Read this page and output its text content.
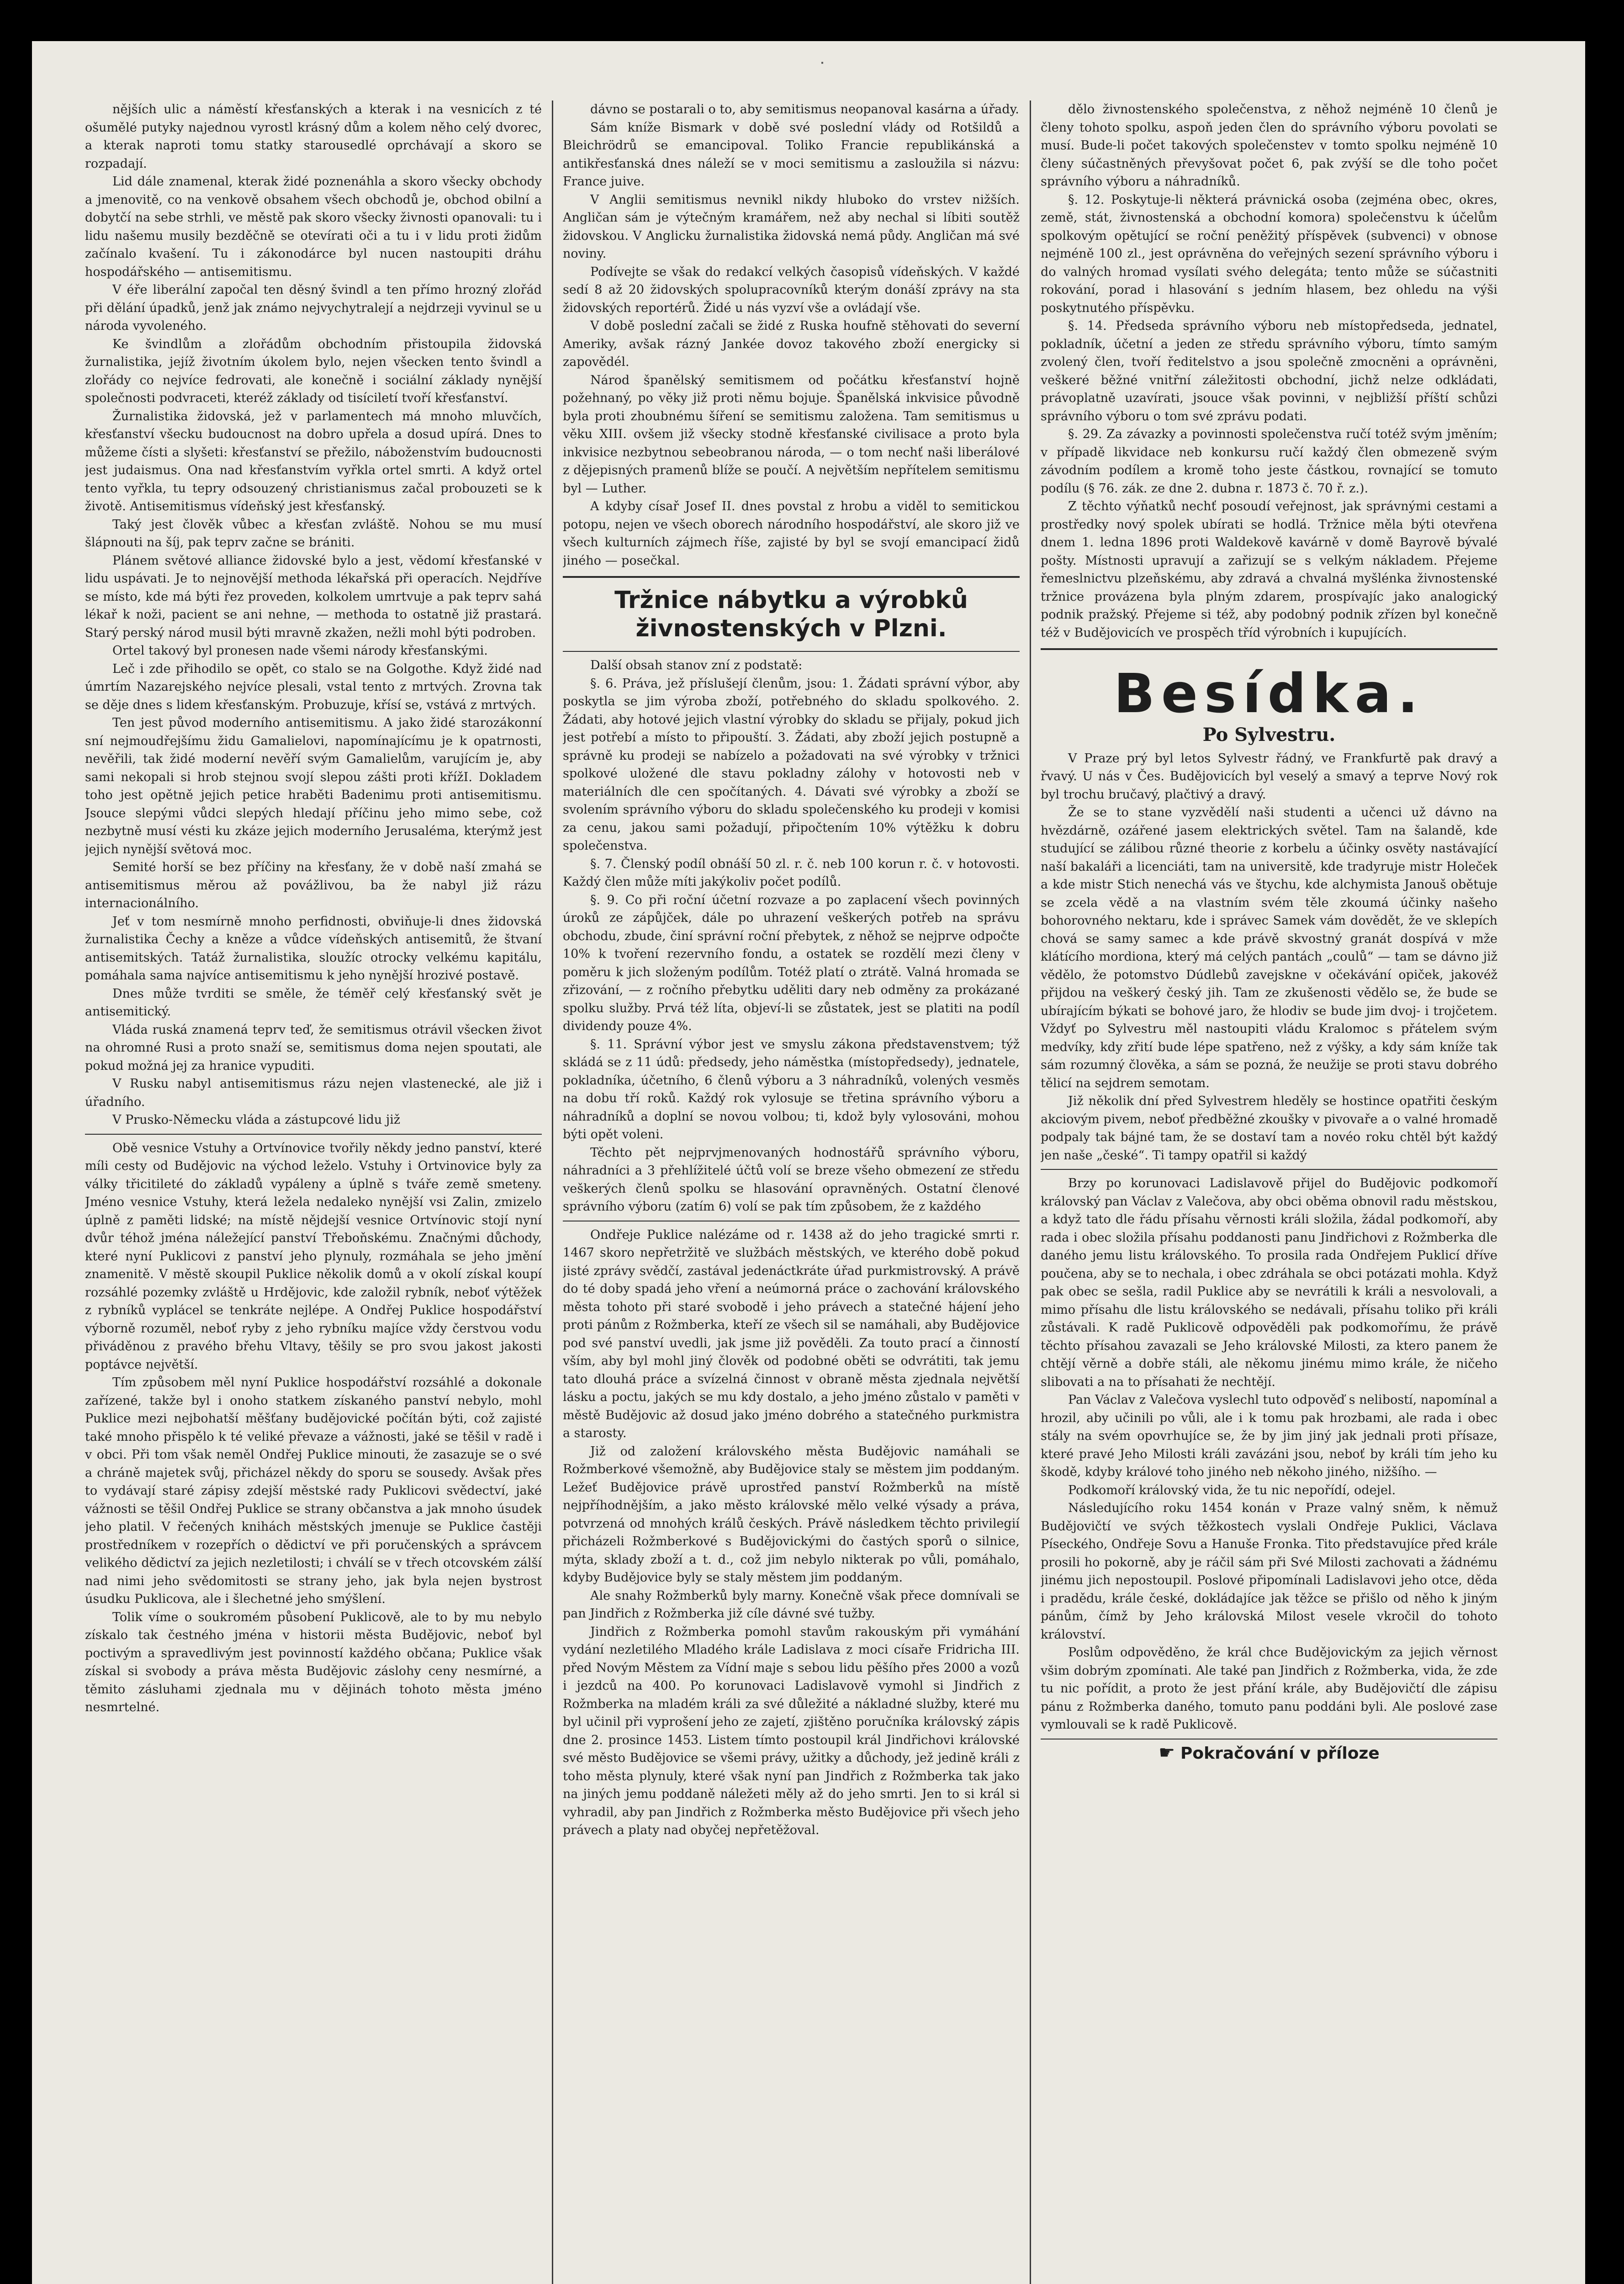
˙

nějších ulic a náměstí křesťanských a kterak i na vesnicích z té ošumělé putyky najednou vyrostl krásný dům a kolem něho celý dvorec, a kterak naproti tomu statky starousedlé oprchávají a skoro se rozpadají.

Lid dále znamenal, kterak židé poznenáhla a skoro všecky obchody a jmenovitě, co na venkově obsahem všech obchodů je, obchod obilní a dobytčí na sebe strhli, ve městě pak skoro všecky živnosti opanovali: tu i lidu našemu musily bezděčně se otevírati oči a tu i v lidu proti židům začínalo kvašení. Tu i zákonodárce byl nucen nastoupiti dráhu hospodářského — antisemitismu.

V éře liberální započal ten děsný švindl a ten přímo hrozný zlořád při dělání úpadků, jenž jak známo nejvychytralejí a nejdrzeji vyvinul se u národa vyvoleného.

Ke švindlům a zlořádům obchodním přistoupila židovská žurnalistika, jejíž životním úkolem bylo, nejen všecken tento švindl a zlořády co nejvíce fedrovati, ale konečně i sociální základy nynější společnosti podvraceti, kteréž základy od tisíciletí tvoří křesťanství.

Žurnalistika židovská, jež v parlamentech má mnoho mluvčích, křesťanství všecku budoucnost na dobro upřela a dosud upírá. Dnes to můžeme čísti a slyšeti: křesťanství se přežilo, náboženstvím budoucnosti jest judaismus. Ona nad křesťanstvím vyřkla ortel smrti. A když ortel tento vyřkla, tu tepry odsouzený christianismus začal probouzeti se k životě. Antisemitismus vídeňský jest křesťanský.

Taký jest člověk vůbec a křesťan zvláště. Nohou se mu musí šlápnouti na šíj, pak teprv začne se brániti.

Plánem světové alliance židovské bylo a jest, vědomí křesťanské v lidu uspávati. Je to nejnovější methoda lékařská při operacích. Nejdříve se místo, kde má býti řez proveden, kolkolem umrtvuje a pak teprv sahá lékař k noži, pacient se ani nehne, — methoda to ostatně již prastará. Starý perský národ musil býti mravně zkažen, nežli mohl býti podroben.

Ortel takový byl pronesen nade všemi národy křesťanskými.

Leč i zde přihodilo se opět, co stalo se na Golgothe. Když židé nad úmrtím Nazarejského nejvíce plesali, vstal tento z mrtvých. Zrovna tak se děje dnes s lidem křesťanským. Probuzuje, křísí se, vstává z mrtvých.

Ten jest původ moderního antisemitismu. A jako židé starozákonní sní nejmoudřejšímu židu Gamalielovi, napomínajícímu je k opatrnosti, nevěřili, tak židé moderní nevěří svým Gamalielům, varujícím je, aby sami nekopali si hrob stejnou svojí slepou zášti proti křížI. Dokladem toho jest opětně jejich petice hraběti Badenimu proti antisemitismu. Jsouce slepými vůdci slepých hledají příčinu jeho mimo sebe, což nezbytně musí vésti ku zkáze jejich moderního Jerusaléma, kterýmž jest jejich nynější světová moc.

Semité horší se bez příčiny na křesťany, že v době naší zmahá se antisemitismus měrou až povážlivou, ba že nabyl již rázu internacionálního.

Jeť v tom nesmírně mnoho perfidnosti, obviňuje-li dnes židovská žurnalistika Čechy a kněze a vůdce vídeňských antisemitů, že štvaní antisemitských. Tatáž žurnalistika, sloužíc otrocky velkému kapitálu, pomáhala sama najvíce antisemitismu k jeho nynější hrozivé postavě.

Dnes může tvrditi se směle, že téměř celý křesťanský svět je antisemitický.

Vláda ruská znamená teprv teď, že semitismus otrávil všecken život na ohromné Rusi a proto snaží se, semitismus doma nejen spoutati, ale pokud možná jej za hranice vypuditi.

V Rusku nabyl antisemitismus rázu nejen vlastenecké, ale již i úřadního.

V Prusko-Německu vláda a zástupcové lidu již

Obě vesnice Vstuhy a Ortvínovice tvořily někdy jedno panství, které míli cesty od Budějovic na východ leželo. Vstuhy i Ortvinovice byly za války třicitileté do základů vypáleny a úplně s tváře země smeteny. Jméno vesnice Vstuhy, která ležela nedaleko nynější vsi Zalin, zmizelo úplně z paměti lidské; na místě nějdejší vesnice Ortvínovic stojí nyní dvůr téhož jména náležející panství Třeboňskému. Značnými důchody, které nyní Puklicovi z panství jeho plynuly, rozmáhala se jeho jmění znamenitě. V městě skoupil Puklice několik domů a v okolí získal koupí rozsáhlé pozemky zvláště u Hrdějovic, kde založil rybník, neboť výtěžek z rybníků vyplácel se tenkráte nejlépe. A Ondřej Puklice hospodářství výborně rozuměl, neboť ryby z jeho rybníku majíce vždy čerstvou vodu přiváděnou z pravého břehu Vltavy, těšily se pro svou jakost jakosti poptávce největší.

Tím způsobem měl nyní Puklice hospodářství rozsáhlé a dokonale zařízené, takže byl i onoho statkem získaného panství nebylo, mohl Puklice mezi nejbohatší měšťany budějovické počítán býti, což zajisté také mnoho přispělo k té veliké převaze a vážnosti, jaké se těšil v radě i v obci. Při tom však neměl Ondřej Puklice minouti, že zasazuje se o své a chráně majetek svůj, přicházel někdy do sporu se sousedy. Avšak přes to vydávají staré zápisy zdejší městské rady Puklicovi svědectví, jaké vážnosti se těšil Ondřej Puklice se strany občanstva a jak mnoho úsudek jeho platil. V řečených knihách městských jmenuje se Puklice častěji prostředníkem v rozepřích o dědictví ve při poručenských a správcem velikého dědictví za jejich nezletilosti; i chválí se v třech otcovském zálší nad nimi jeho svědomitosti se strany jeho, jak byla nejen bystrost úsudku Puklicova, ale i šlechetné jeho smýšlení.

Tolik víme o soukromém působení Puklicově, ale to by mu nebylo získalo tak čestného jména v historii města Budějovic, neboť byl poctivým a spravedlivým jest povinností každého občana; Puklice však získal si svobody a práva města Budějovic záslohy ceny nesmírné, a těmito zásluhami zjednala mu v dějinách tohoto města jméno nesmrtelné.

dávno se postarali o to, aby semitismus neopanoval kasárna a úřady.

Sám kníže Bismark v době své poslední vlády od Rotšildů a Bleichrödrů se emancipoval. Toliko Francie republikánská a antikřesťanská dnes náleží se v moci semitismu a zasloužila si názvu: France juive.

V Anglii semitismus nevnikl nikdy hluboko do vrstev nižších. Angličan sám je výtečným kramářem, než aby nechal si líbiti soutěž židovskou. V Anglicku žurnalistika židovská nemá půdy. Angličan má své noviny.

Podívejte se však do redakcí velkých časopisů vídeňských. V každé sedí 8 až 20 židovských spolupracovníků kterým donáší zprávy na sta židovských reportérů. Židé u nás vyzví vše a ovládají vše.

V době poslední začali se židé z Ruska houfně stěhovati do severní Ameriky, avšak rázný Jankée dovoz takového zboží energicky si zapovědél.

Národ španělský semitismem od počátku křesťanství hojně požehnaný, po věky již proti němu bojuje. Španělská inkvisice původně byla proti zhoubnému šíření se semitismu založena. Tam semitismus u věku XIII. ovšem již všecky stodně křesťanské civilisace a proto byla inkvisice nezbytnou sebeobranou národa, — o tom nechť naši liberálové z dějepisných pramenů blíže se poučí. A největším nepřítelem semitismu byl — Luther.

A kdyby císař Josef II. dnes povstal z hrobu a viděl to semitickou potopu, nejen ve všech oborech národního hospodářství, ale skoro již ve všech kulturních zájmech říše, zajisté by byl se svojí emancipací židů jiného — posečkal.

Tržnice nábytku a výrobků živnostenských v Plzni.

Další obsah stanov zní z podstatě:

§. 6. Práva, jež příslušejí členům, jsou: 1. Žádati správní výbor, aby poskytla se jim výroba zboží, potřebného do skladu spolkového. 2. Žádati, aby hotové jejich vlastní výrobky do skladu se přijaly, pokud jich jest potřebí a místo to připouští. 3. Žádati, aby zboží jejich postupně a správně ku prodeji se nabízelo a požadovati na své výrobky v tržnici spolkové uložené dle stavu pokladny zálohy v hotovosti neb v materiálních dle cen spočítaných. 4. Dávati své výrobky a zboží se svolením správního výboru do skladu společenského ku prodeji v komisi za cenu, jakou sami požadují, připočtením 10% výtěžku k dobru společenstva.

§. 7. Členský podíl obnáší 50 zl. r. č. neb 100 korun r. č. v hotovosti. Každý člen může míti jakýkoliv počet podílů.

§. 9. Co při roční účetní rozvaze a po zaplacení všech povinných úroků ze zápůjček, dále po uhrazení veškerých potřeb na správu obchodu, zbude, činí správní roční přebytek, z něhož se nejprve odpočte 10% k tvoření rezervního fondu, a ostatek se rozdělí mezi členy v poměru k jich složeným podílům. Totéž platí o ztrátě. Valná hromada se zřizování, — z ročního přebytku uděliti dary neb odměny za prokázané spolku služby. Prvá též líta, objeví-li se zůstatek, jest se platiti na podíl dividendy pouze 4%.

§. 11. Správní výbor jest ve smyslu zákona představenstvem; týž skládá se z 11 údů: předsedy, jeho náměstka (místopředsedy), jednatele, pokladníka, účetního, 6 členů výboru a 3 náhradníků, volených vesměs na dobu tří roků. Každý rok vylosuje se třetina správního výboru a náhradníků a doplní se novou volbou; ti, kdož byly vylosováni, mohou býti opět voleni.

Těchto pět nejprvjmenovaných hodnostářů správního výboru, náhradníci a 3 přehlížitelé účtů volí se breze všeho obmezení ze středu veškerých členů spolku se hlasování opravněných. Ostatní členové správního výboru (zatím 6) volí se pak tím způsobem, že z každého

Ondřeje Puklice nalézáme od r. 1438 až do jeho tragické smrti r. 1467 skoro nepřetržitě ve službách městských, ve kterého době pokud jisté zprávy svědčí, zastával jedenáctkráte úřad purkmistrovský. A právě do té doby spadá jeho vření a neúmorná práce o zachování královského města tohoto při staré svobodě i jeho právech a statečné hájení jeho proti pánům z Rožmberka, kteří ze všech sil se namáhali, aby Budějovice pod své panství uvedli, jak jsme již pověděli. Za touto prací a činností vším, aby byl mohl jiný člověk od podobné oběti se odvrátiti, tak jemu tato dlouhá práce a svízelná činnost v obraně města zjednala největší lásku a poctu, jakých se mu kdy dostalo, a jeho jméno zůstalo v paměti v městě Budějovic až dosud jako jméno dobrého a statečného purkmistra a starosty.

Již od založení královského města Budějovic namáhali se Rožmberkové všemožně, aby Budějovice staly se městem jim poddaným. Ležeť Budějovice právě uprostřed panství Rožmberků na místě nejpříhodnějším, a jako město královské mělo velké výsady a práva, potvrzená od mnohých králů českých. Právě následkem těchto privilegií přicházeli Rožmberkové s Budějovickými do častých sporů o silnice, mýta, sklady zboží a t. d., což jim nebylo nikterak po vůli, pomáhalo, kdyby Budějovice byly se staly městem jim poddaným.

Ale snahy Rožmberků byly marny. Konečně však přece domnívali se pan Jindřich z Rožmberka již cíle dávné své tužby.

Jindřich z Rožmberka pomohl stavům rakouským při vymáhání vydání nezletilého Mladého krále Ladislava z moci císaře Fridricha III. před Novým Městem za Vídní maje s sebou lidu pěšího přes 2000 a vozů i jezdců na 400. Po korunovaci Ladislavově vymohl si Jindřich z Rožmberka na mladém králi za své důležité a nákladné služby, které mu byl učinil při vyprošení jeho ze zajetí, zjištěno poručníka královský zápis dne 2. prosince 1453. Listem tímto postoupil král Jindřichovi královské své město Budějovice se všemi právy, užitky a důchody, jež jedině králi z toho města plynuly, které však nyní pan Jindřich z Rožmberka tak jako na jiných jemu poddaně náležeti měly až do jeho smrti. Jen to si král si vyhradil, aby pan Jindřich z Rožmberka město Budějovice při všech jeho právech a platy nad obyčej nepřetěžoval.

dělo živnostenského společenstva, z něhož nejméně 10 členů je členy tohoto spolku, aspoň jeden člen do správního výboru povolati se musí. Bude-li počet takových společenstev v tomto spolku nejméně 10 členy súčastněných převyšovat počet 6, pak zvýší se dle toho počet správního výboru a náhradníků.

§. 12. Poskytuje-li některá právnická osoba (zejména obec, okres, země, stát, živnostenská a obchodní komora) společenstvu k účelům spolkovým opětující se roční peněžitý příspěvek (subvenci) v obnose nejméně 100 zl., jest oprávněna do veřejných sezení správního výboru i do valných hromad vysílati svého delegáta; tento může se súčastniti rokování, porad i hlasování s jedním hlasem, bez ohledu na výši poskytnutého příspěvku.

§. 14. Předseda správního výboru neb místopředseda, jednatel, pokladník, účetní a jeden ze středu správního výboru, tímto samým zvolený člen, tvoří ředitelstvo a jsou společně zmocněni a oprávněni, veškeré běžné vnitřní záležitosti obchodní, jichž nelze odkládati, právoplatně uzavírati, jsouce však povinni, v nejbližší příští schůzi správního výboru o tom své zprávu podati.

§. 29. Za závazky a povinnosti společenstva ručí totéž svým jměním; v případě likvidace neb konkursu ručí každý člen obmezeně svým závodním podílem a kromě toho jeste částkou, rovnající se tomuto podílu (§ 76. zák. ze dne 2. dubna r. 1873 č. 70 ř. z.).

Z těchto výňatků nechť posoudí veřejnost, jak správnými cestami a prostředky nový spolek ubírati se hodlá. Tržnice měla býti otevřena dnem 1. ledna 1896 proti Waldekově kavárně v domě Bayrově bývalé pošty. Místnosti upravují a zařizují se s velkým nákladem. Přejeme řemeslnictvu plzeňskému, aby zdravá a chvalná myšlénka živnostenské tržnice provázena byla plným zdarem, prospívajíc jako analogický podnik pražský. Přejeme si též, aby podobný podnik zřízen byl konečně též v Budějovicích ve prospěch tříd výrobních i kupujících.

Besídka.
Po Sylvestru.

V Praze prý byl letos Sylvestr řádný, ve Frankfurtě pak dravý a řvavý. U nás v Čes. Budějovicích byl veselý a smavý a teprve Nový rok byl trochu bručavý, plačtivý a dravý.

Že se to stane vyzvědělí naši studenti a učenci už dávno na hvězdárně, ozářené jasem elektrických světel. Tam na šalandě, kde studující se zálibou různé theorie z korbelu a účinky osvěty nastávající naší bakaláři a licenciáti, tam na universitě, kde tradyruje mistr Holeček a kde mistr Stich nenechá vás ve štychu, kde alchymista Janouš obětuje se zcela vědě a na vlastním svém těle zkoumá účinky našeho bohorovného nektaru, kde i správec Samek vám dovědět, že ve sklepích chová se samy samec a kde právě skvostný granát dospívá v mže klátícího mordiona, který má celých pantách „coulů“ — tam se dávno již vědělo, že potomstvo Dúdlebů zavejskne v očekávání opiček, jakovéž přijdou na veškerý český jih. Tam ze zkušenosti vědělo se, že bude se ubírajícím býkati se bohové jaro, že hlodiv se bude jim dvoj- i trojčetem. Vždyť po Sylvestru měl nastoupiti vládu Kralomoc s přátelem svým medvíky, kdy zřití bude lépe spatřeno, než z výšky, a kdy sám kníže tak sám rozumný člověka, a sám se pozná, že neužije se proti stavu dobrého tělicí na sejdrem semotam.

Již několik dní před Sylvestrem hleděly se hostince opatřiti českým akciovým pivem, neboť předběžné zkoušky v pivovaře a o valné hromadě podpaly tak bájné tam, že se dostaví tam a novéo roku chtěl být každý jen naše „české“. Ti tampy opatřil si každý

Brzy po korunovaci Ladislavově přijel do Budějovic podkomoří královský pan Václav z Valečova, aby obci oběma obnovil radu městskou, a když tato dle řádu přísahu věrnosti králi složila, žádal podkomoří, aby rada i obec složila přísahu poddanosti panu Jindřichovi z Rožmberka dle daného jemu listu královského. To prosila rada Ondřejem Puklicí dříve poučena, aby se to nechala, i obec zdráhala se obci potázati mohla. Když pak obec se sešla, radil Puklice aby se nevrátili k králi a nesvolovali, a mimo přísahu dle listu královského se nedávali, přísahu toliko při králi zůstávali. K radě Puklicově odpověděli pak podkomořímu, že právě těchto přísahou zavazali se Jeho královské Milosti, za ktero panem že chtějí věrně a dobře stáli, ale někomu jinému mimo krále, že ničeho slibovati a na to přísahati že nechtějí.

Pan Václav z Valečova vyslechl tuto odpověď s nelibostí, napomínal a hrozil, aby učinili po vůli, ale i k tomu pak hrozbami, ale rada i obec stály na svém opovrhujíce se, že by jim jiný jak jednali proti přísaze, které pravé Jeho Milosti králi zavázáni jsou, neboť by králi tím jeho ku škodě, kdyby králové toho jiného neb někoho jiného, nižšího. —

Podkomoří královský vida, že tu nic nepořídí, odejel.

Následujícího roku 1454 konán v Praze valný sněm, k němuž Budějovičtí ve svých těžkostech vyslali Ondřeje Puklici, Václava Píseckého, Ondřeje Sovu a Hanuše Fronka. Tito představujíce před krále prosili ho pokorně, aby je ráčil sám při Své Milosti zachovati a žádnému jinému jich nepostoupil. Poslové připomínali Ladislavovi jeho otce, děda i pradědu, krále české, dokládajíce jak těžce se přišlo od něho k jiným pánům, čímž by Jeho královská Milost vesele vkročil do tohoto království.

Poslům odpověděno, že král chce Budějovickým za jejich věrnost všim dobrým zpomínati. Ale také pan Jindřich z Rožmberka, vida, že zde tu nic pořídit, a proto že jest přání krále, aby Budějovičtí dle zápisu pánu z Rožmberka daného, tomuto panu poddáni byli. Ale poslové zase vymlouvali se k radě Puklicově.

☛ Pokračování v příloze
